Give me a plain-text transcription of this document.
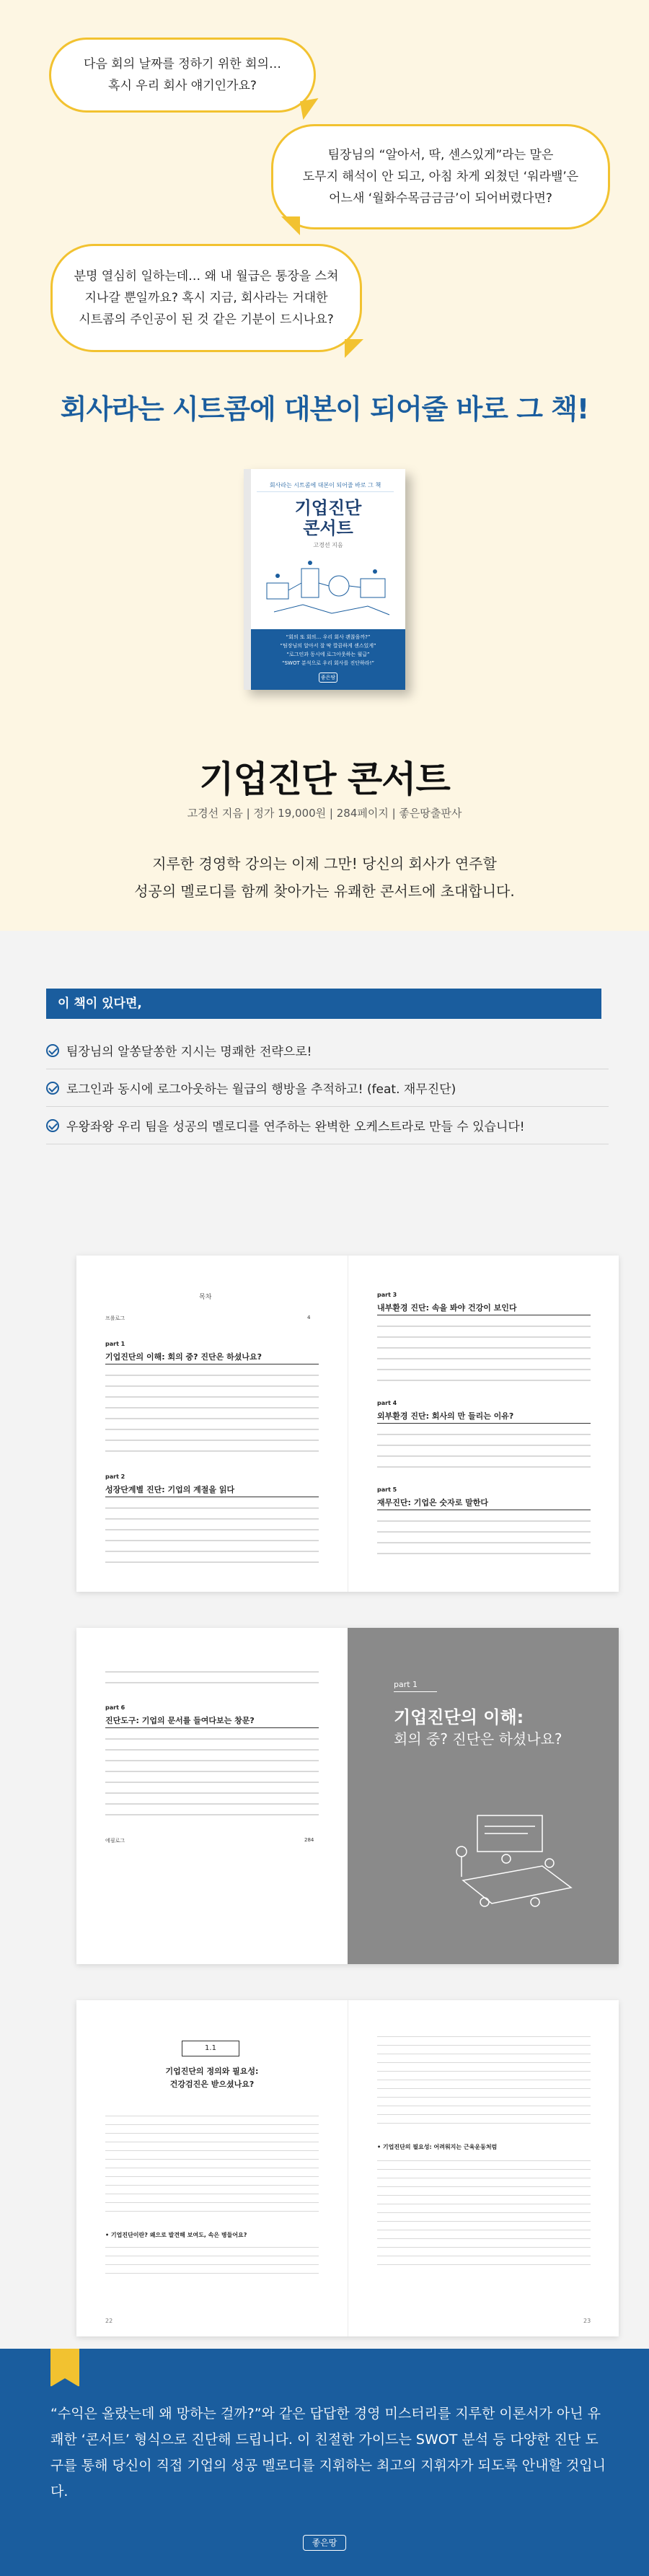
다음 회의 날짜를 정하기 위한 회의…
혹시 우리 회사 얘기인가요?
팀장님의 “알아서, 딱, 센스있게”라는 말은
도무지 해석이 안 되고, 아침 차게 외쳤던 ‘워라밸’은
어느새 ‘월화수목금금금’이 되어버렸다면?
분명 열심히 일하는데… 왜 내 월급은 통장을 스쳐
지나갈 뿐일까요? 혹시 지금, 회사라는 거대한
시트콤의 주인공이 된 것 같은 기분이 드시나요?
회사라는 시트콤에 대본이 되어줄 바로 그 책!
회사라는 시트콤에 대본이 되어줄 바로 그 책
기업진단
콘서트
고경선 지음
“회의 또 회의… 우리 회사 괜찮을까?”
“팀장님의 알아서 잘 딱 깔끔하게 센스있게”
“로그인과 동시에 로그아웃하는 월급”
“SWOT 분석으로 우리 회사를 진단하라!”
좋은땅
기업진단 콘서트
고경선 지음 | 정가 19,000원 | 284페이지 | 좋은땅출판사
지루한 경영학 강의는 이제 그만! 당신의 회사가 연주할
성공의 멜로디를 함께 찾아가는 유쾌한 콘서트에 초대합니다.
이 책이 있다면,
팀장님의 알쏭달쏭한 지시는 명쾌한 전략으로!
로그인과 동시에 로그아웃하는 월급의 행방을 추적하고! (feat. 재무진단)
우왕좌왕 우리 팀을 성공의 멜로디를 연주하는 완벽한 오케스트라로 만들 수 있습니다!
목차
프롤로그	4
part 1
기업진단의 이해: 회의 중? 진단은 하셨나요?
part 2
성장단계별 진단: 기업의 계절을 읽다
part 3
내부환경 진단: 속을 봐야 건강이 보인다
part 4
외부환경 진단: 회사의 만 들리는 이유?
part 5
재무진단: 기업은 숫자로 말한다
part 6
진단도구: 기업의 문서를 들여다보는 창문?
에필로그	284
part 1
기업진단의 이해:
회의 중? 진단은 하셨나요?
1.1
기업진단의 정의와 필요성:
건강검진은 받으셨나요?
• 기업진단이란? 왜으로 발견해 보여도, 속은 병들어요?
22
• 기업진단의 필요성: 어려워지는 근육운동처럼
23
“수익은 올랐는데 왜 망하는 걸까?”와 같은 답답한 경영 미스터리를 지루한 이론서가 아닌 유쾌한 ‘콘서트’ 형식으로 진단해 드립니다. 이 친절한 가이드는 SWOT 분석 등 다양한 진단 도구를 통해 당신이 직접 기업의 성공 멜로디를 지휘하는 최고의 지휘자가 되도록 안내할 것입니다.
좋은땅
